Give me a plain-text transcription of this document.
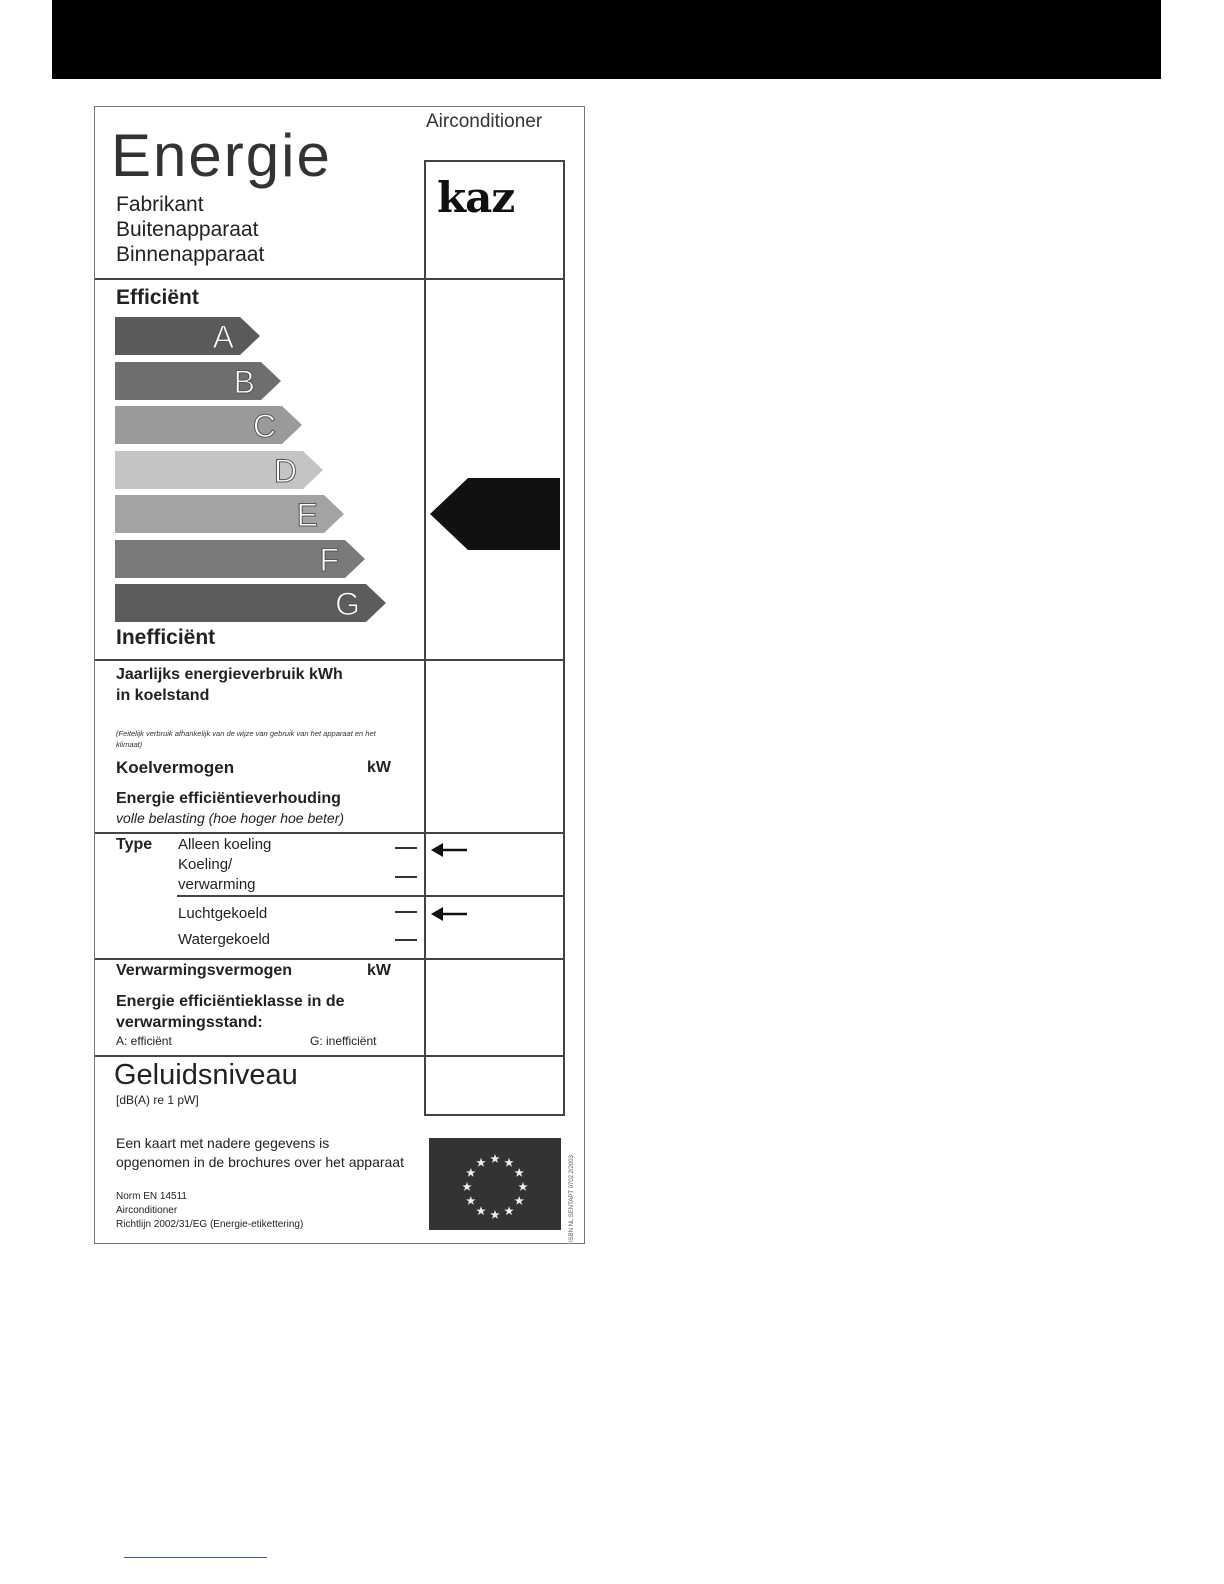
Airconditioner
Energie
Fabrikant
Buitenapparaat
Binnenapparaat
kaz
Efficiënt
A
B
C
D
E
F
G
Inefficiënt
Jaarlijks energieverbruik kWh
in koelstand
(Feitelijk verbruik afhankelijk van de wijze van gebruik van het apparaat en het klimaat)
Koelvermogen	kW
Energie efficiëntieverhouding
volle belasting (hoe hoger hoe beter)
Type Alleen koeling
Koeling/
verwarming
Luchtgekoeld
Watergekoeld
Verwarmingsvermogen	kW
Energie efficiëntieklasse in de
verwarmingsstand:
A: efficiënt	G: inefficiënt
Geluidsniveau
[dB(A) re 1 pW]
Een kaart met nadere gegevens is
opgenomen in de brochures over het apparaat
Norm EN 14511
Airconditioner
Richtlijn 2002/31/EG (Energie-etikettering)	ISBN NL SENTAPT 0702 2/2003
